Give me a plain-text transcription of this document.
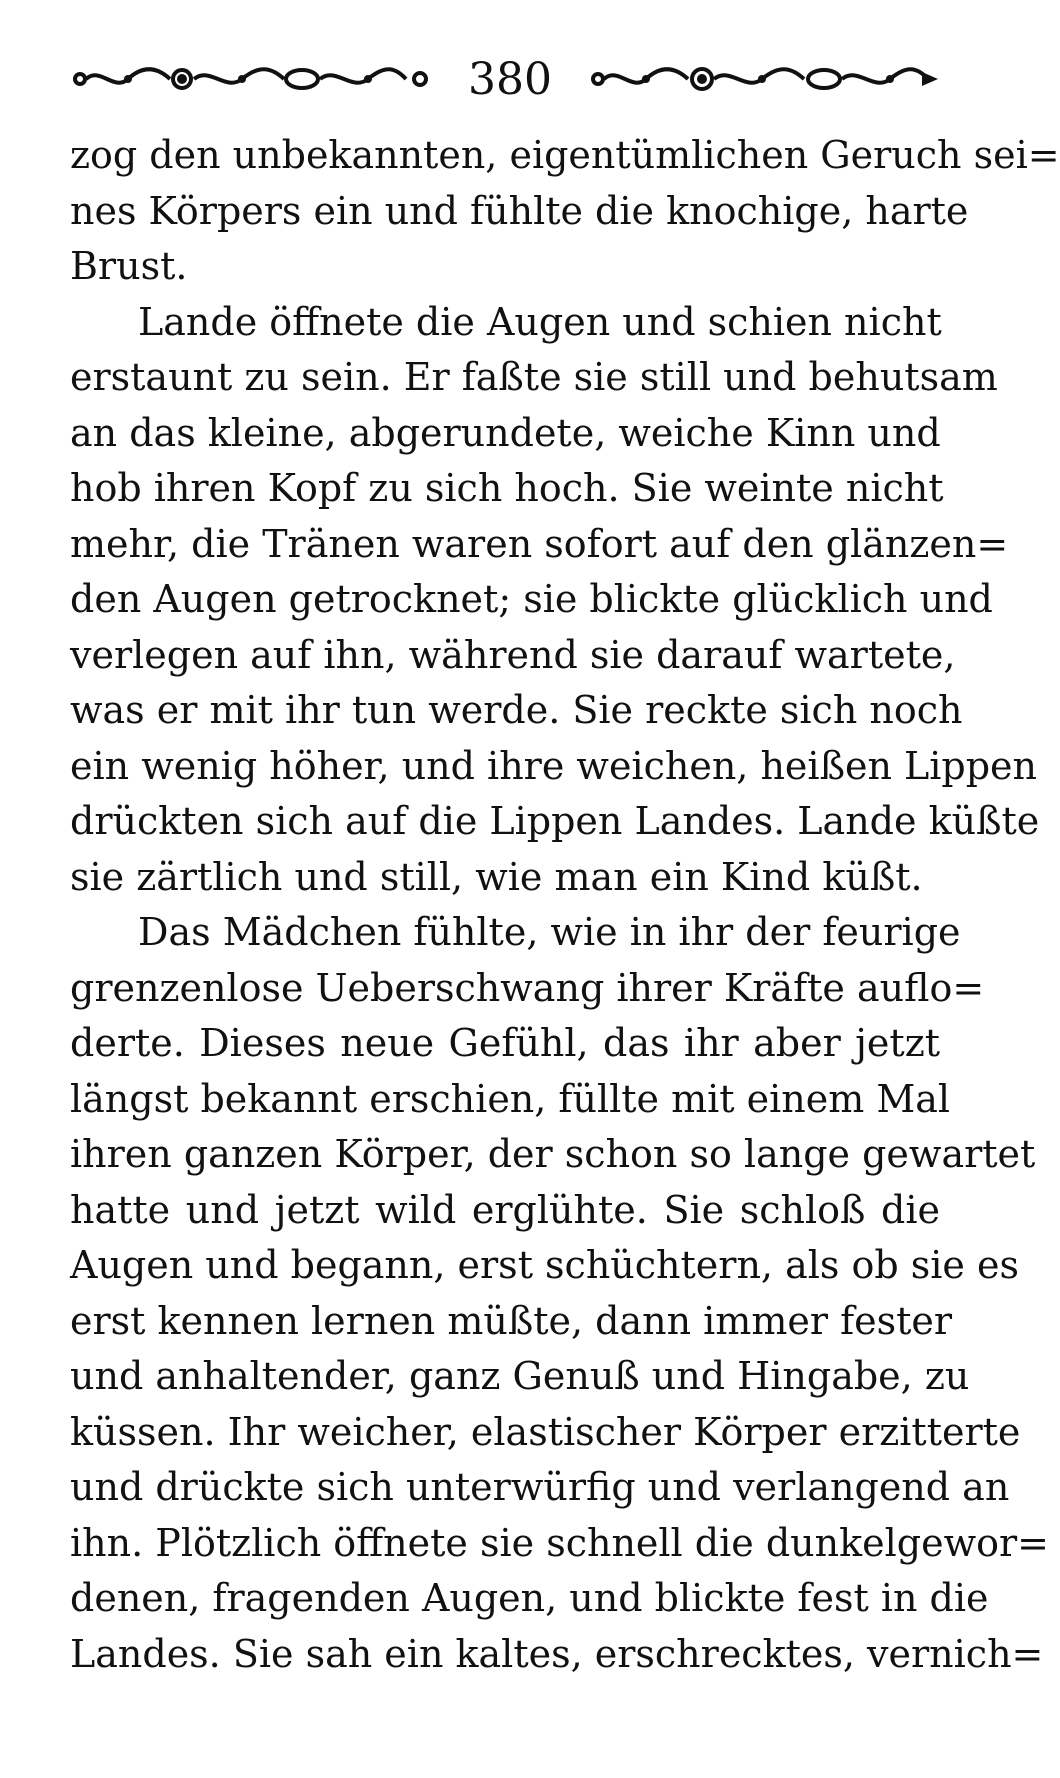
380

zog den unbekannten, eigentümlichen Geruch sei=
nes Körpers ein und fühlte die knochige, harte
Brust.

Lande öffnete die Augen und schien nicht
erstaunt zu sein. Er faßte sie still und behutsam
an das kleine, abgerundete, weiche Kinn und
hob ihren Kopf zu sich hoch. Sie weinte nicht
mehr, die Tränen waren sofort auf den glänzen=
den Augen getrocknet; sie blickte glücklich und
verlegen auf ihn, während sie darauf wartete,
was er mit ihr tun werde. Sie reckte sich noch
ein wenig höher, und ihre weichen, heißen Lippen
drückten sich auf die Lippen Landes. Lande küßte
sie zärtlich und still, wie man ein Kind küßt.

Das Mädchen fühlte, wie in ihr der feurige
grenzenlose Ueberschwang ihrer Kräfte auflo=
derte. Dieses neue Gefühl, das ihr aber jetzt
längst bekannt erschien, füllte mit einem Mal
ihren ganzen Körper, der schon so lange gewartet
hatte und jetzt wild erglühte. Sie schloß die
Augen und begann, erst schüchtern, als ob sie es
erst kennen lernen müßte, dann immer fester
und anhaltender, ganz Genuß und Hingabe, zu
küssen. Ihr weicher, elastischer Körper erzitterte
und drückte sich unterwürfig und verlangend an
ihn. Plötzlich öffnete sie schnell die dunkelgewor=
denen, fragenden Augen, und blickte fest in die
Landes. Sie sah ein kaltes, erschrecktes, vernich=
